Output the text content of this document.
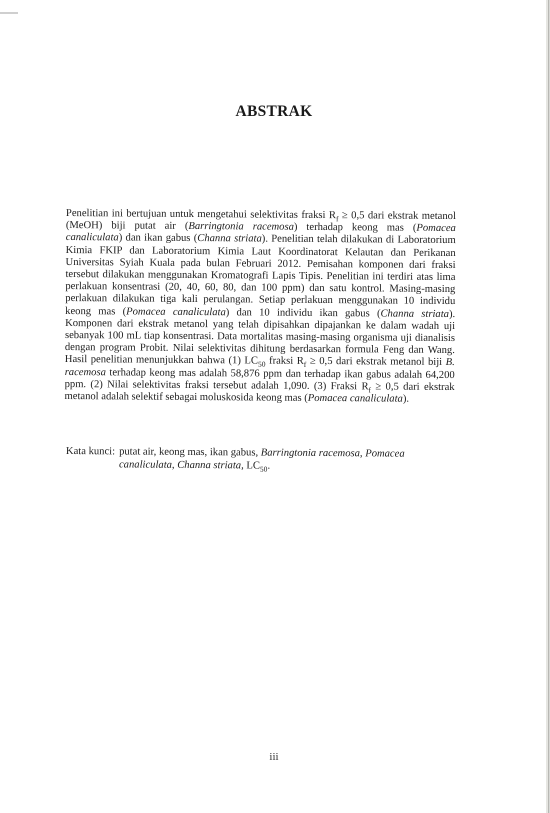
ABSTRAK

Penelitian ini bertujuan untuk mengetahui selektivitas fraksi $R_f \ge 0,5$ dari ekstrak metanol (MeOH) biji putat air (Barringtonia racemosa) terhadap keong mas (Pomacea canaliculata) dan ikan gabus (Channa striata). Penelitian telah dilakukan di Laboratorium Kimia FKIP dan Laboratorium Kimia Laut Koordinatorat Kelautan dan Perikanan Universitas Syiah Kuala pada bulan Februari 2012. Pemisahan komponen dari fraksi tersebut dilakukan menggunakan Kromatografi Lapis Tipis. Penelitian ini terdiri atas lima perlakuan konsentrasi (20, 40, 60, 80, dan 100 ppm) dan satu kontrol. Masing-masing perlakuan dilakukan tiga kali perulangan. Setiap perlakuan menggunakan 10 individu keong mas (Pomacea canaliculata) dan 10 individu ikan gabus (Channa striata). Komponen dari ekstrak metanol yang telah dipisahkan dipajankan ke dalam wadah uji sebanyak 100 mL tiap konsentrasi. Data mortalitas masing-masing organisma uji dianalisis dengan program Probit. Nilai selektivitas dihitung berdasarkan formula Feng dan Wang. Hasil penelitian menunjukkan bahwa (1) $LC_{50}$ fraksi $R_f \ge 0,5$ dari ekstrak metanol biji B. racemosa terhadap keong mas adalah 58,876 ppm dan terhadap ikan gabus adalah 64,200 ppm. (2) Nilai selektivitas fraksi tersebut adalah 1,090. (3) Fraksi $R_f \ge 0,5$ dari ekstrak metanol adalah selektif sebagai moluskosida keong mas (Pomacea canaliculata).

Kata kunci: putat air, keong mas, ikan gabus, Barringtonia racemosa, Pomacea canaliculata, Channa striata, $LC_{50}$.

iii
